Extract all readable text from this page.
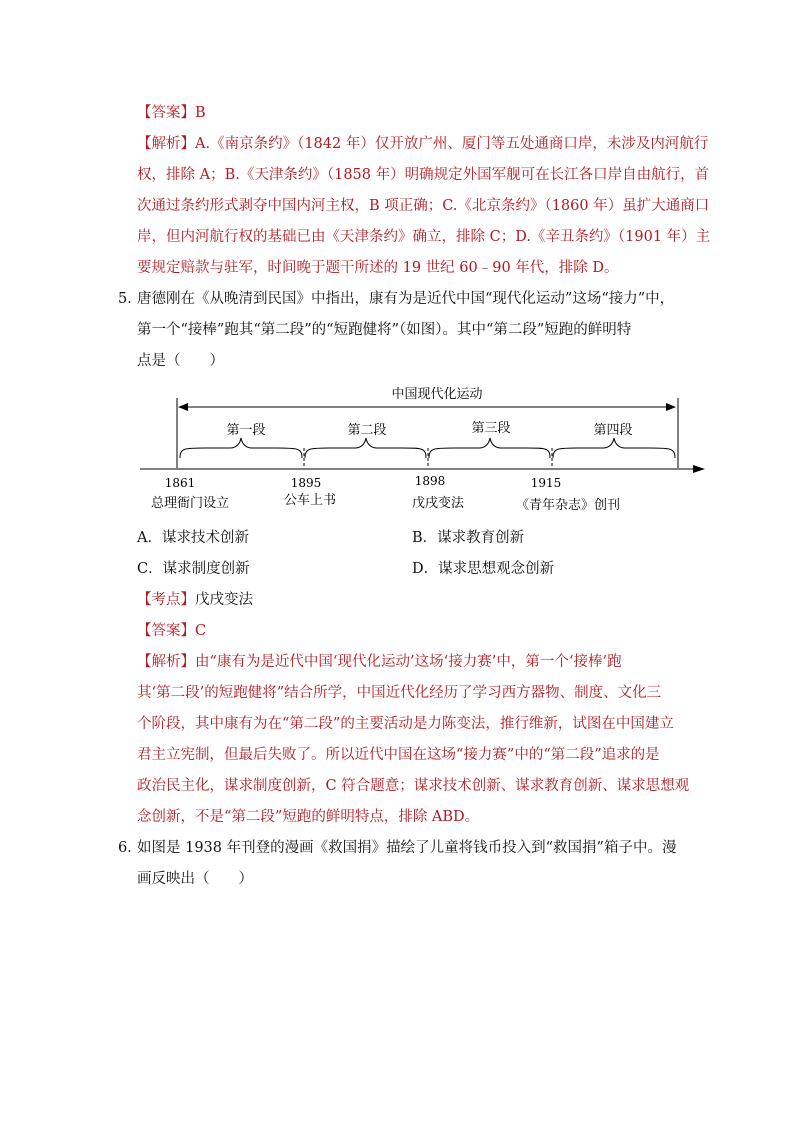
【答案】B
【解析】A.《南京条约》（1842 年）仅开放广州、厦门等五处通商口岸，未涉及内河航行
权，排除 A；B.《天津条约》（1858 年）明确规定外国军舰可在长江各口岸自由航行，首
次通过条约形式剥夺中国内河主权，B 项正确；C.《北京条约》（1860 年）虽扩大通商口
岸，但内河航行权的基础已由《天津条约》确立，排除 C；D.《辛丑条约》（1901 年）主
要规定赔款与驻军，时间晚于题干所述的 19 世纪 60﹣90 年代，排除 D。
5．
唐德刚在《从晚清到民国》中指出，康有为是近代中国“现代化运动”这场“接力”中，
第一个“接棒”跑其“第二段”的“短跑健将”（如图）。其中“第二段”短跑的鲜明特
点是（　　）
中国现代化运动
第一段	第二段	第三段	第四段
1861	1895	1898	1915
总理衙门设立	公车上书	戊戌变法	《青年杂志》创刊
A．谋求技术创新	B．谋求教育创新
C．谋求制度创新	D．谋求思想观念创新
【考点】戊戌变法
【答案】C
【解析】由“康有为是近代中国‘现代化运动’这场‘接力赛’中，第一个‘接棒’跑
其‘第二段’的短跑健将”结合所学，中国近代化经历了学习西方器物、制度、文化三
个阶段，其中康有为在“第二段”的主要活动是力陈变法，推行维新，试图在中国建立
君主立宪制，但最后失败了。所以近代中国在这场“接力赛”中的“第二段”追求的是
政治民主化，谋求制度创新，C 符合题意；谋求技术创新、谋求教育创新、谋求思想观
念创新，不是“第二段”短跑的鲜明特点，排除 ABD。
6．
如图是 1938 年刊登的漫画《救国捐》描绘了儿童将钱币投入到“救国捐”箱子中。漫
画反映出（　　）
